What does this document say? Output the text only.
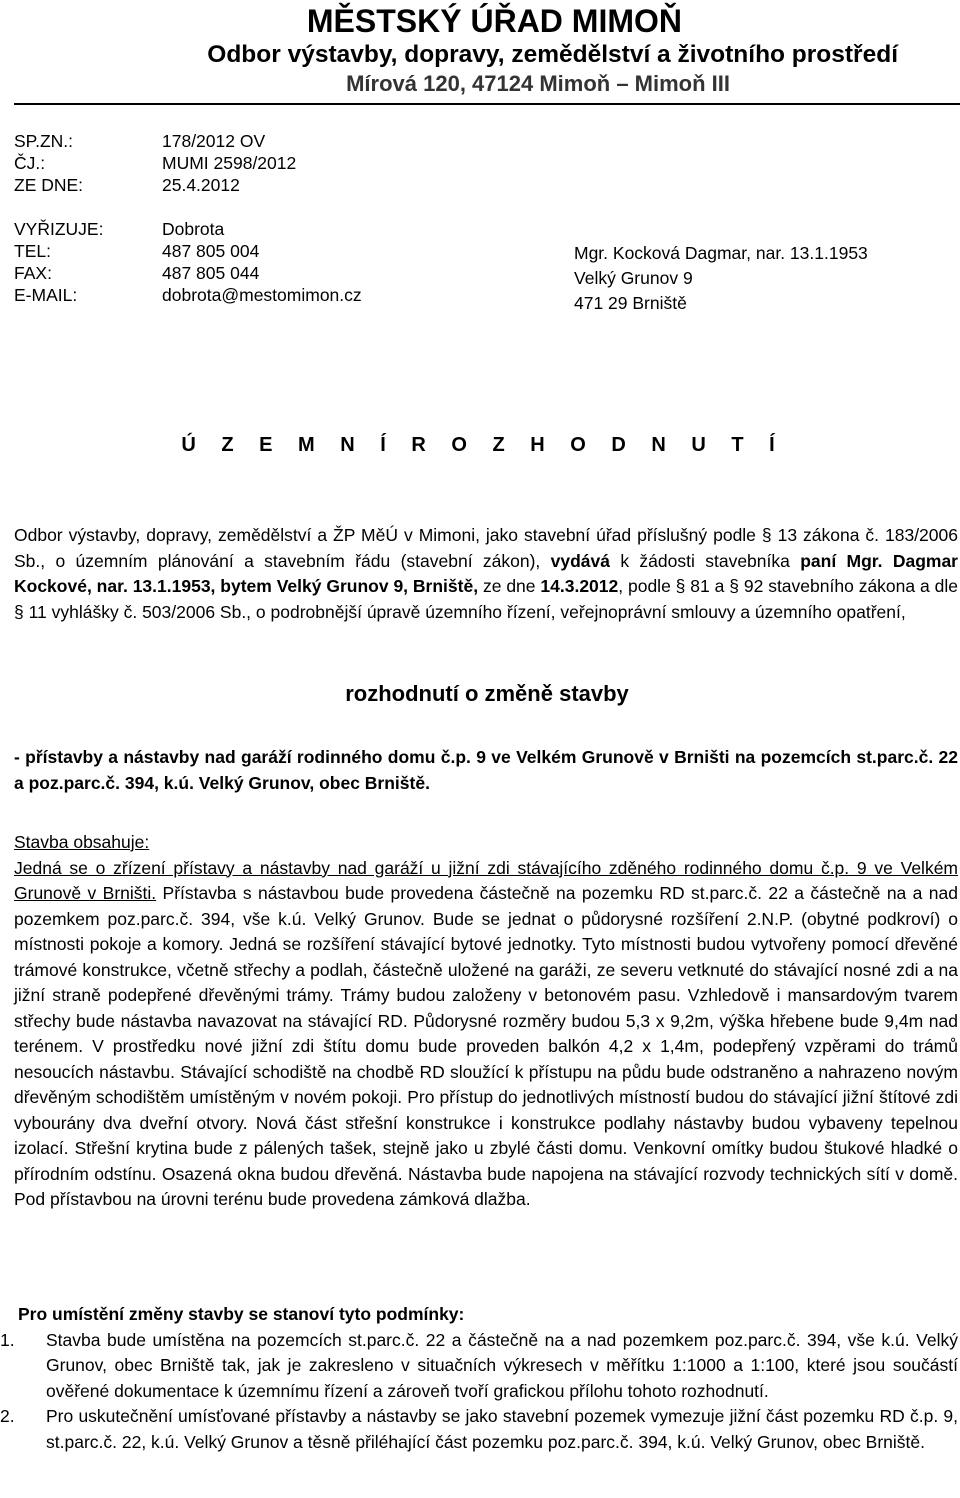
MĚSTSKÝ ÚŘAD MIMOŇ
Odbor výstavby, dopravy, zemědělství a životního prostředí
Mírová 120, 47124 Mimoň – Mimoň III
SP.ZN.:	178/2012 OV
ČJ.:	MUMI 2598/2012
ZE DNE:	25.4.2012
VYŘIZUJE:	Dobrota
TEL:	487 805 004
FAX:	487 805 044
E-MAIL:	dobrota@mestomimon.cz
Mgr. Kocková Dagmar, nar. 13.1.1953
Velký Grunov 9
471 29 Brniště
Ú Z E M N Í R O Z H O D N U T Í
Odbor výstavby, dopravy, zemědělství a ŽP MěÚ v Mimoni, jako stavební úřad příslušný podle § 13 zákona č. 183/2006 Sb., o územním plánování a stavebním řádu (stavební zákon), vydává k žádosti stavebníka paní Mgr. Dagmar Kockové, nar. 13.1.1953, bytem Velký Grunov 9, Brniště, ze dne 14.3.2012, podle § 81 a § 92 stavebního zákona a dle § 11 vyhlášky č. 503/2006 Sb., o podrobnější úpravě územního řízení, veřejnoprávní smlouvy a územního opatření,
rozhodnutí o změně stavby
- přístavby a nástavby nad garáží rodinného domu č.p. 9 ve Velkém Grunově v Brništi na pozemcích st.parc.č. 22 a poz.parc.č. 394, k.ú. Velký Grunov, obec Brniště.
Stavba obsahuje:
Jedná se o zřízení přístavy a nástavby nad garáží u jižní zdi stávajícího zděného rodinného domu č.p. 9 ve Velkém Grunově v Brništi. Přístavba s nástavbou bude provedena částečně na pozemku RD st.parc.č. 22 a částečně na a nad pozemkem poz.parc.č. 394, vše k.ú. Velký Grunov. Bude se jednat o půdorysné rozšíření 2.N.P. (obytné podkroví) o místnosti pokoje a komory. Jedná se rozšíření stávající bytové jednotky. Tyto místnosti budou vytvořeny pomocí dřevěné trámové konstrukce, včetně střechy a podlah, částečně uložené na garáži, ze severu vetknuté do stávající nosné zdi a na jižní straně podepřené dřevěnými trámy. Trámy budou založeny v betonovém pasu. Vzhledově i mansardovým tvarem střechy bude nástavba navazovat na stávající RD. Půdorysné rozměry budou 5,3 x 9,2m, výška hřebene bude 9,4m nad terénem. V prostředku nové jižní zdi štítu domu bude proveden balkón 4,2 x 1,4m, podepřený vzpěrami do trámů nesoucích nástavbu. Stávající schodiště na chodbě RD sloužící k přístupu na půdu bude odstraněno a nahrazeno novým dřevěným schodištěm umístěným v novém pokoji. Pro přístup do jednotlivých místností budou do stávající jižní štítové zdi vybourány dva dveřní otvory. Nová část střešní konstrukce i konstrukce podlahy nástavby budou vybaveny tepelnou izolací. Střešní krytina bude z pálených tašek, stejně jako u zbylé části domu. Venkovní omítky budou štukové hladké o přírodním odstínu. Osazená okna budou dřevěná. Nástavba bude napojena na stávající rozvody technických sítí v domě. Pod přístavbou na úrovni terénu bude provedena zámková dlažba.
Pro umístění změny stavby se stanoví tyto podmínky:
1. Stavba bude umístěna na pozemcích st.parc.č. 22 a částečně na a nad pozemkem poz.parc.č. 394, vše k.ú. Velký Grunov, obec Brniště tak, jak je zakresleno v situačních výkresech v měřítku 1:1000 a 1:100, které jsou součástí ověřené dokumentace k územnímu řízení a zároveň tvoří grafickou přílohu tohoto rozhodnutí.
2. Pro uskutečnění umísťované přístavby a nástavby se jako stavební pozemek vymezuje jižní část pozemku RD č.p. 9, st.parc.č. 22, k.ú. Velký Grunov a těsně přiléhající část pozemku poz.parc.č. 394, k.ú. Velký Grunov, obec Brniště.
